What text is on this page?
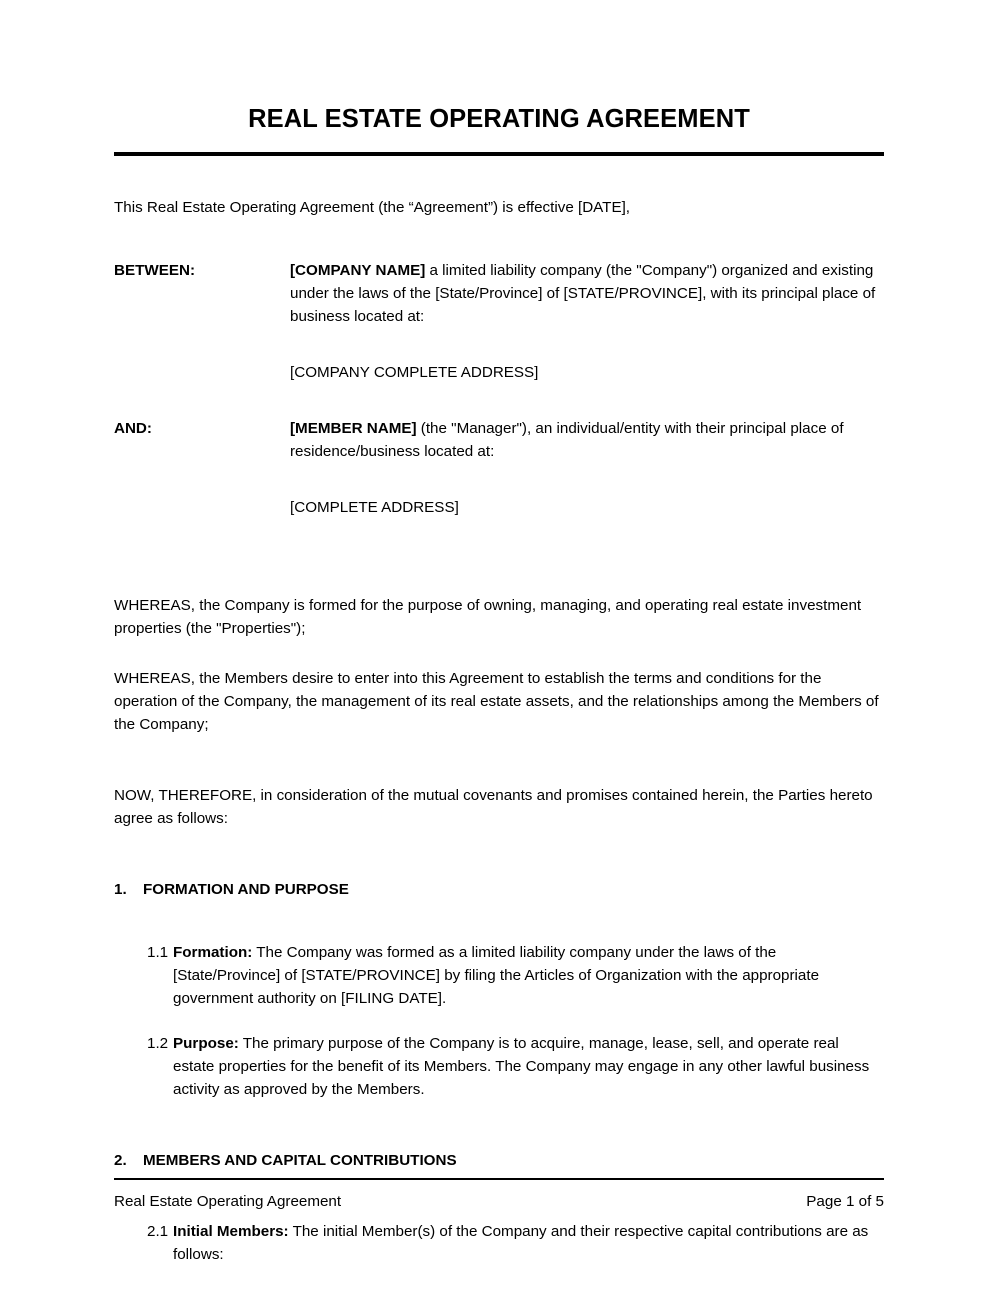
REAL ESTATE OPERATING AGREEMENT

This Real Estate Operating Agreement (the “Agreement”) is effective [DATE],

BETWEEN:	[COMPANY NAME] a limited liability company (the "Company") organized and existing under the laws of the [State/Province] of [STATE/PROVINCE], with its principal place of business located at:
[COMPANY COMPLETE ADDRESS]
AND:	[MEMBER NAME] (the "Manager"), an individual/entity with their principal place of residence/business located at:
[COMPLETE ADDRESS]

WHEREAS, the Company is formed for the purpose of owning, managing, and operating real estate investment properties (the "Properties");

WHEREAS, the Members desire to enter into this Agreement to establish the terms and conditions for the operation of the Company, the management of its real estate assets, and the relationships among the Members of the Company;

NOW, THEREFORE, in consideration of the mutual covenants and promises contained herein, the Parties hereto agree as follows:

1.	FORMATION AND PURPOSE
1.1 Formation: The Company was formed as a limited liability company under the laws of the [State/Province] of [STATE/PROVINCE] by filing the Articles of Organization with the appropriate government authority on [FILING DATE].
1.2 Purpose: The primary purpose of the Company is to acquire, manage, lease, sell, and operate real estate properties for the benefit of its Members. The Company may engage in any other lawful business activity as approved by the Members.
2.	MEMBERS AND CAPITAL CONTRIBUTIONS
2.1 Initial Members: The initial Member(s) of the Company and their respective capital contributions are as follows:
Real Estate Operating Agreement	Page 1 of 5
